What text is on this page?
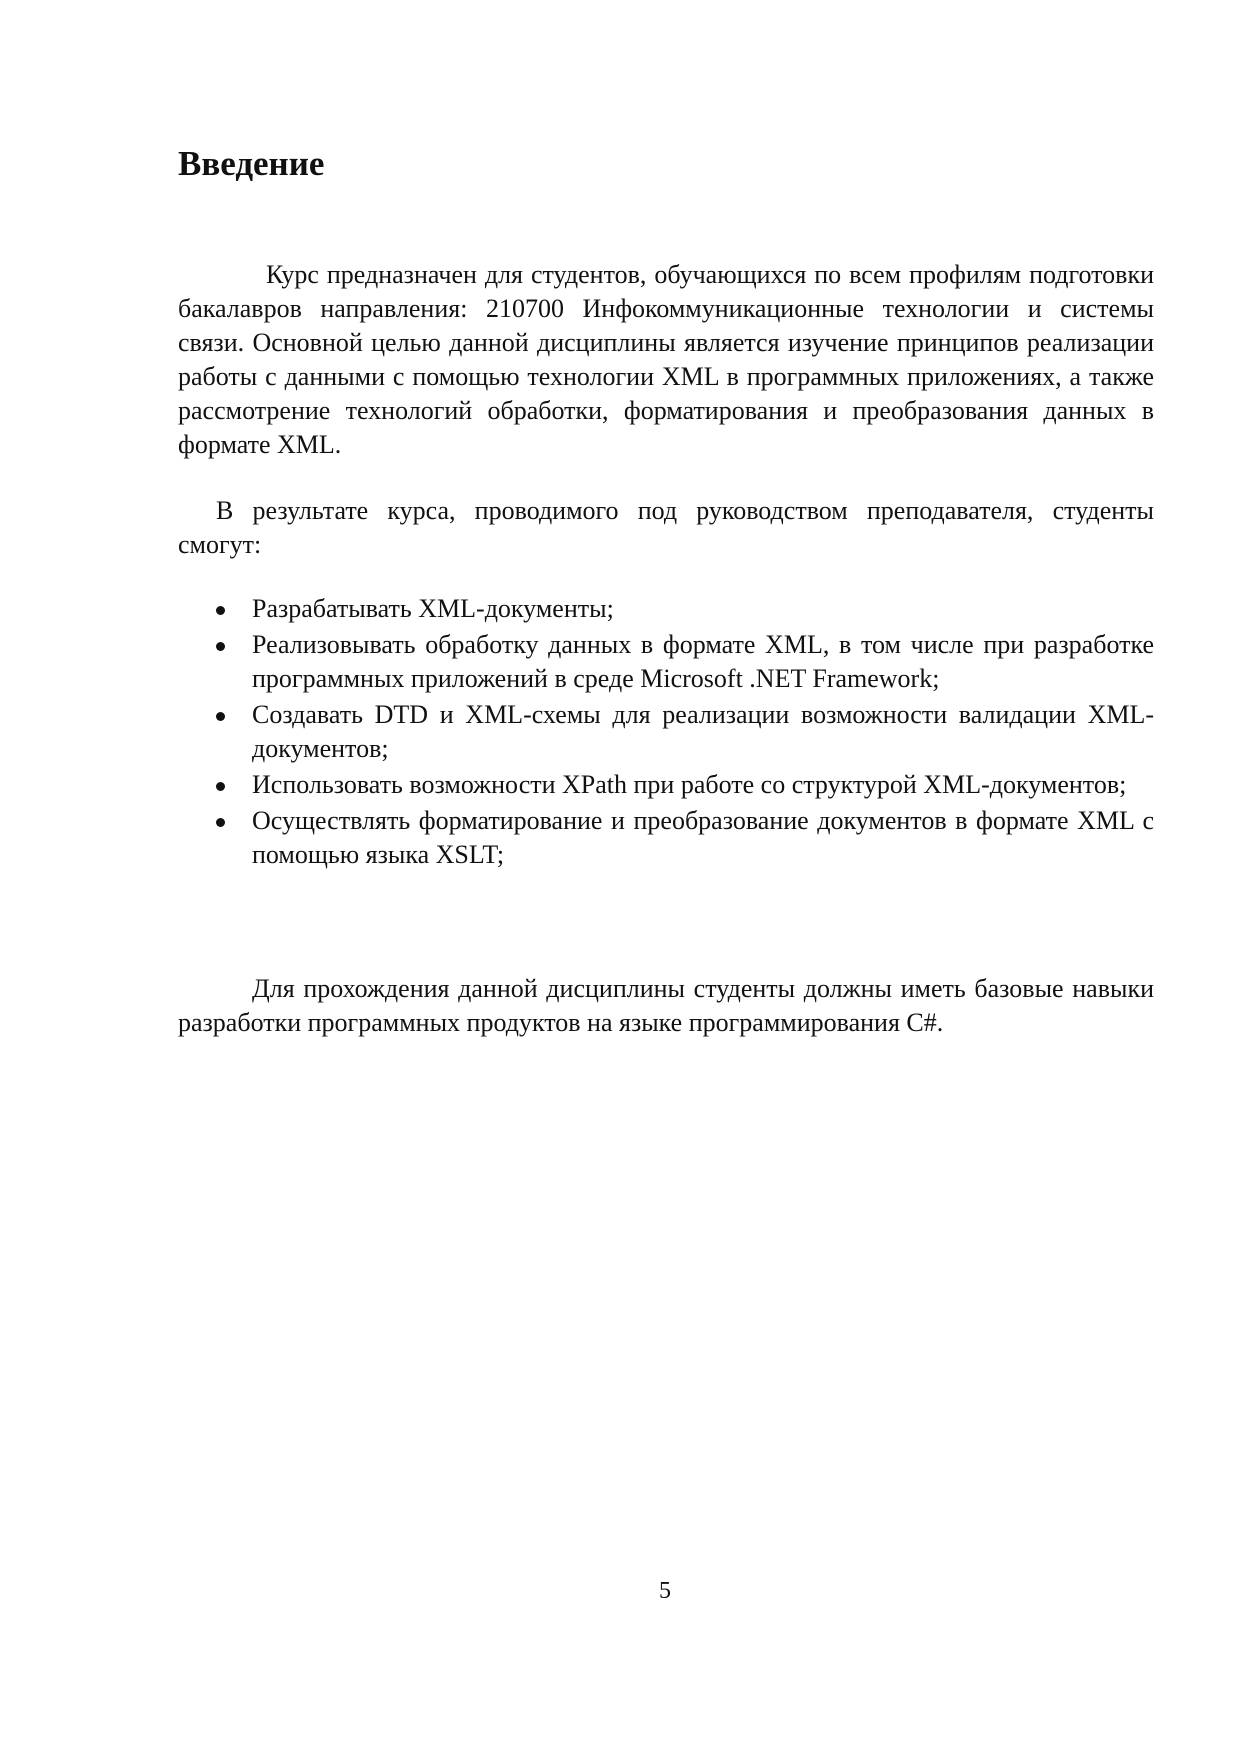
Введение

Курс предназначен для студентов, обучающихся по всем профилям подготовки бакалавров направления: 210700 Инфокоммуникационные технологии и системы связи. Основной целью данной дисциплины является изучение принципов реализации работы с данными с помощью технологии XML в программных приложениях, а также рассмотрение технологий обработки, форматирования и преобразования данных в формате XML.

В результате курса, проводимого под руководством преподавателя, студенты смогут:

Разрабатывать XML-документы;
Реализовывать обработку данных в формате XML, в том числе при разработке программных приложений в среде Microsoft .NET Framework;
Создавать DTD и XML-схемы для реализации возможности валидации XML-документов;
Использовать возможности XPath при работе со структурой XML-документов;
Осуществлять форматирование и преобразование документов в формате XML с помощью языка XSLT;

Для прохождения данной дисциплины студенты должны иметь базовые навыки разработки программных продуктов на языке программирования C#.

5
